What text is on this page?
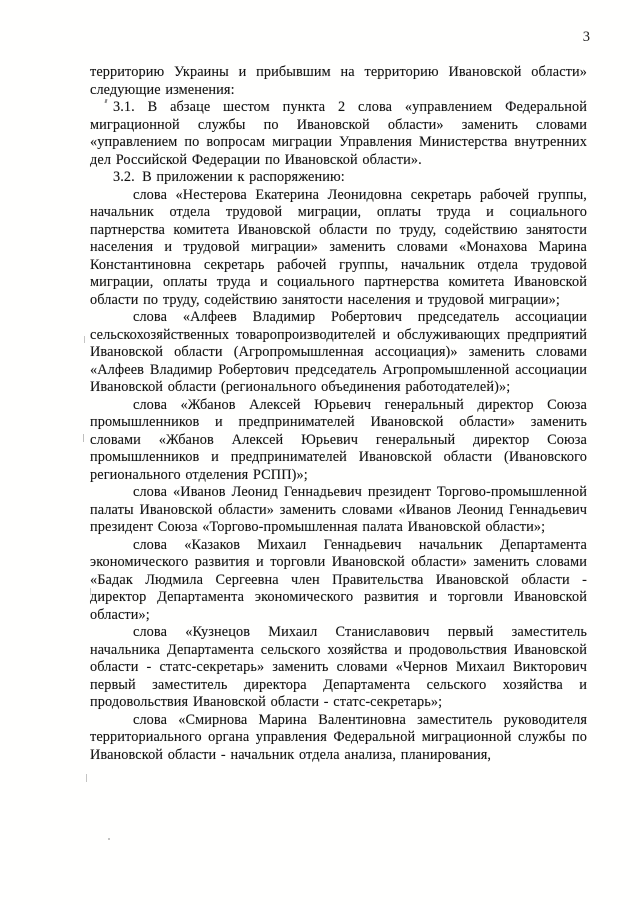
3

территорию Украины и прибывшим на территорию Ивановской области» следующие изменения:

3.1. В абзаце шестом пункта 2 слова «управлением Федеральной миграционной службы по Ивановской области» заменить словами «управлением по вопросам миграции Управления Министерства внутренних дел Российской Федерации по Ивановской области».

3.2. В приложении к распоряжению:

слова «Нестерова Екатерина Леонидовна секретарь рабочей группы, начальник отдела трудовой миграции, оплаты труда и социального партнерства комитета Ивановской области по труду, содействию занятости населения и трудовой миграции» заменить словами «Монахова Марина Константиновна секретарь рабочей группы, начальник отдела трудовой миграции, оплаты труда и социального партнерства комитета Ивановской области по труду, содействию занятости населения и трудовой миграции»;

слова «Алфеев Владимир Робертович председатель ассоциации сельскохозяйственных товаропроизводителей и обслуживающих предприятий Ивановской области (Агропромышленная ассоциация)» заменить словами «Алфеев Владимир Робертович председатель Агропромышленной ассоциации Ивановской области (регионального объединения работодателей)»;

слова «Жбанов Алексей Юрьевич генеральный директор Союза промышленников и предпринимателей Ивановской области» заменить словами «Жбанов Алексей Юрьевич генеральный директор Союза промышленников и предпринимателей Ивановской области (Ивановского регионального отделения РСПП)»;

слова «Иванов Леонид Геннадьевич президент Торгово-промышленной палаты Ивановской области» заменить словами «Иванов Леонид Геннадьевич президент Союза «Торгово-промышленная палата Ивановской области»;

слова «Казаков Михаил Геннадьевич начальник Департамента экономического развития и торговли Ивановской области» заменить словами «Бадак Людмила Сергеевна член Правительства Ивановской области - директор Департамента экономического развития и торговли Ивановской области»;

слова «Кузнецов Михаил Станиславович первый заместитель начальника Департамента сельского хозяйства и продовольствия Ивановской области - статс-секретарь» заменить словами «Чернов Михаил Викторович первый заместитель директора Департамента сельского хозяйства и продовольствия Ивановской области - статс-секретарь»;

слова «Смирнова Марина Валентиновна заместитель руководителя территориального органа управления Федеральной миграционной службы по Ивановской области - начальник отдела анализа, планирования,
